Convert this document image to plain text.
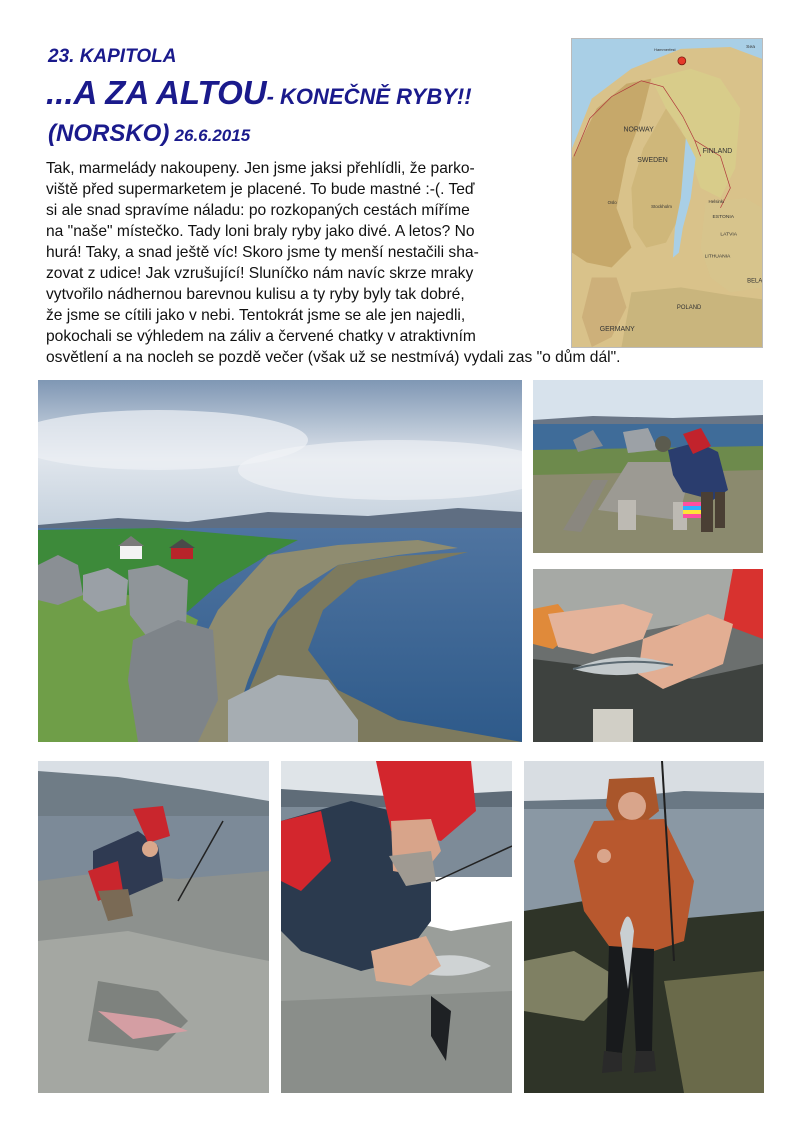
23. KAPITOLA
...A ZA ALTOU- KONEČNĚ RYBY!!
(NORSKO) 26.6.2015
Tak, marmelády nakoupeny. Jen jsme jaksi přehlídli, že parko-
viště před supermarketem je placené. To bude mastné :-(. Teď
si ale snad spravíme náladu: po rozkopaných cestách míříme
na "naše" místečko. Tady loni braly ryby jako divé. A letos? No
hurá! Taky, a snad ještě víc! Skoro jsme ty menší nestačili sha-
zovat z udice! Jak vzrušující! Sluníčko nám navíc skrze mraky
vytvořilo nádhernou barevnou kulisu a ty ryby byly tak dobré,
že jsme se cítili jako v nebi. Tentokrát jsme se ale jen najedli,
pokochali se výhledem na záliv a červené chatky v atraktivním
osvětlení a na nocleh se pozdě večer (však už se nestmívá) vydali zas "o dům dál".
NORWAY
SWEDEN
FINLAND
ESTONIA
LATVIA
LITHUANIA
POLAND
GERMANY
Stockholm
Oslo	Helsinki
Hammerfest	Sea
BELA
